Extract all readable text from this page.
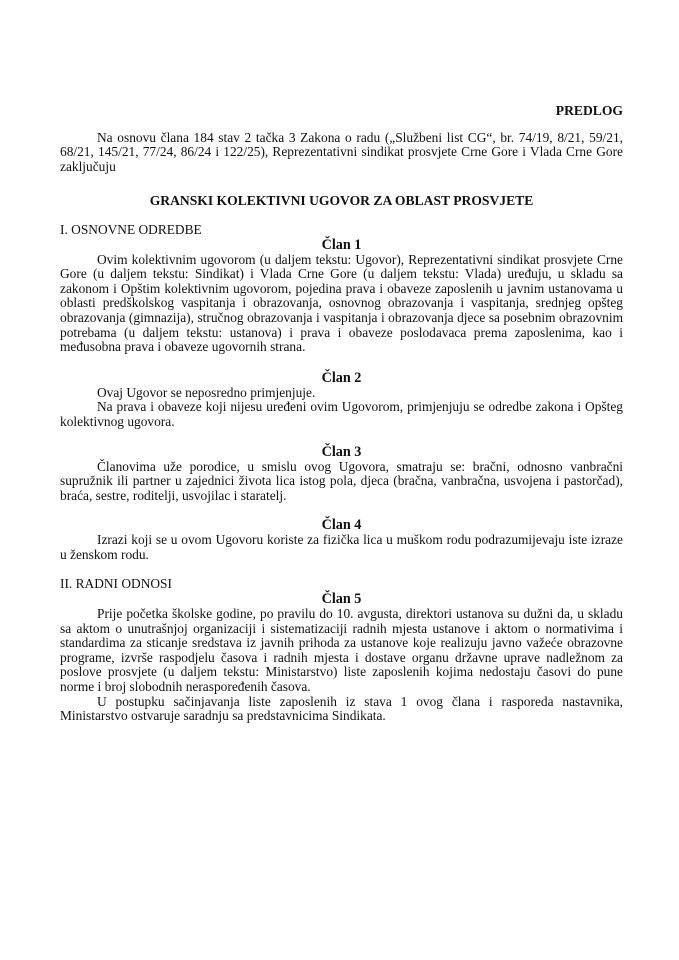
PREDLOG

Na osnovu člana 184 stav 2 tačka 3 Zakona o radu („Službeni list CG“, br. 74/19, 8/21, 59/21, 68/21, 145/21, 77/24, 86/24 i 122/25), Reprezentativni sindikat prosvjete Crne Gore i Vlada Crne Gore zaključuju

GRANSKI KOLEKTIVNI UGOVOR ZA OBLAST PROSVJETE

I. OSNOVNE ODREDBE

Član 1

Ovim kolektivnim ugovorom (u daljem tekstu: Ugovor), Reprezentativni sindikat prosvjete Crne Gore (u daljem tekstu: Sindikat) i Vlada Crne Gore (u daljem tekstu: Vlada) uređuju, u skladu sa zakonom i Opštim kolektivnim ugovorom, pojedina prava i obaveze zaposlenih u javnim ustanovama u oblasti predškolskog vaspitanja i obrazovanja, osnovnog obrazovanja i vaspitanja, srednjeg opšteg obrazovanja (gimnazija), stručnog obrazovanja i vaspitanja i obrazovanja djece sa posebnim obrazovnim potrebama (u daljem tekstu: ustanova) i prava i obaveze poslodavaca prema zaposlenima, kao i međusobna prava i obaveze ugovornih strana.

Član 2

Ovaj Ugovor se neposredno primjenjuje.

Na prava i obaveze koji nijesu uređeni ovim Ugovorom, primjenjuju se odredbe zakona i Opšteg kolektivnog ugovora.

Član 3

Članovima uže porodice, u smislu ovog Ugovora, smatraju se: bračni, odnosno vanbračni supružnik ili partner u zajednici života lica istog pola, djeca (bračna, vanbračna, usvojena i pastorčad), braća, sestre, roditelji, usvojilac i staratelj.

Član 4

Izrazi koji se u ovom Ugovoru koriste za fizička lica u muškom rodu podrazumijevaju iste izraze u ženskom rodu.

II. RADNI ODNOSI

Član 5

Prije početka školske godine, po pravilu do 10. avgusta, direktori ustanova su dužni da, u skladu sa aktom o unutrašnjoj organizaciji i sistematizaciji radnih mjesta ustanove i aktom o normativima i standardima za sticanje sredstava iz javnih prihoda za ustanove koje realizuju javno važeće obrazovne programe, izvrše raspodjelu časova i radnih mjesta i dostave organu državne uprave nadležnom za poslove prosvjete (u daljem tekstu: Ministarstvo) liste zaposlenih kojima nedostaju časovi do pune norme i broj slobodnih neraspoređenih časova.

U postupku sačinjavanja liste zaposlenih iz stava 1 ovog člana i rasporeda nastavnika, Ministarstvo ostvaruje saradnju sa predstavnicima Sindikata.
